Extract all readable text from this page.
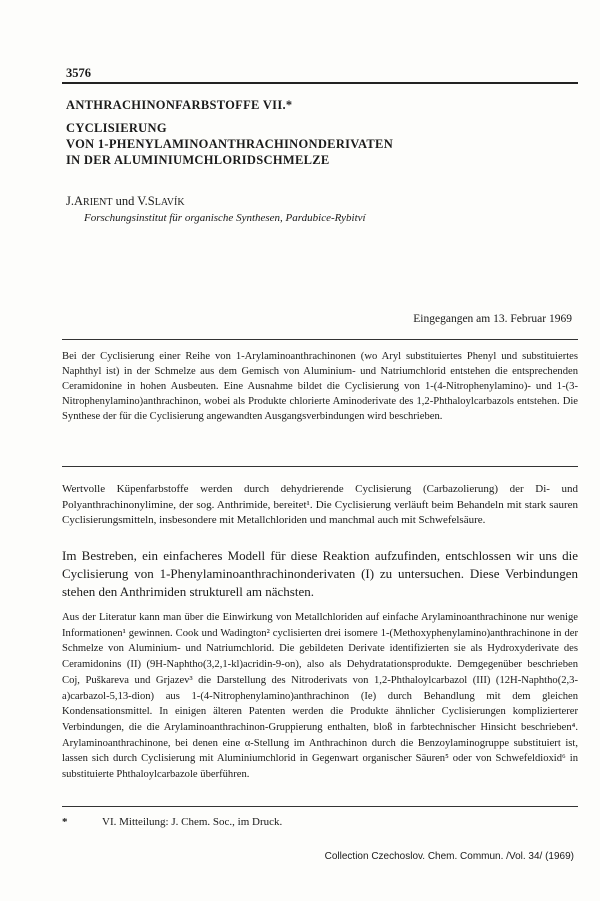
3576
ANTHRACHINONFARBSTOFFE VII.*
CYCLISIERUNG
VON 1-PHENYLAMINOANTHRACHINONDERIVATEN
IN DER ALUMINIUMCHLORIDSCHMELZE
J.ARIENT und V.SLAVÍK
Forschungsinstitut für organische Synthesen, Pardubice-Rybitví
Eingegangen am 13. Februar 1969
Bei der Cyclisierung einer Reihe von 1-Arylaminoanthrachinonen (wo Aryl substituiertes Phenyl und substituiertes Naphthyl ist) in der Schmelze aus dem Gemisch von Aluminium- und Natriumchlorid entstehen die entsprechenden Ceramidonine in hohen Ausbeuten. Eine Ausnahme bildet die Cyclisierung von 1-(4-Nitrophenylamino)- und 1-(3-Nitrophenylamino)anthrachinon, wobei als Produkte chlorierte Aminoderivate des 1,2-Phthaloylcarbazols entstehen. Die Synthese der für die Cyclisierung angewandten Ausgangsverbindungen wird beschrieben.
Wertvolle Küpenfarbstoffe werden durch dehydrierende Cyclisierung (Carbazolierung) der Di- und Polyanthrachinonylimine, der sog. Anthrimide, bereitet¹. Die Cyclisierung verläuft beim Behandeln mit stark sauren Cyclisierungsmitteln, insbesondere mit Metallchloriden und manchmal auch mit Schwefelsäure.
Im Bestreben, ein einfacheres Modell für diese Reaktion aufzufinden, entschlossen wir uns die Cyclisierung von 1-Phenylaminoanthrachinonderivaten (I) zu untersuchen. Diese Verbindungen stehen den Anthrimiden strukturell am nächsten.
Aus der Literatur kann man über die Einwirkung von Metallchloriden auf einfache Arylaminoanthrachinone nur wenige Informationen¹ gewinnen. Cook und Wadington² cyclisierten drei isomere 1-(Methoxyphenylamino)anthrachinone in der Schmelze von Aluminium- und Natriumchlorid. Die gebildeten Derivate identifizierten sie als Hydroxyderivate des Ceramidonins (II) (9H-Naphtho(3,2,1-kl)acridin-9-on), also als Dehydratationsprodukte. Demgegenüber beschrieben Coj, Puškareva und Grjazev³ die Darstellung des Nitroderivats von 1,2-Phthaloylcarbazol (III) (12H-Naphtho(2,3-a)carbazol-5,13-dion) aus 1-(4-Nitrophenylamino)anthrachinon (Ie) durch Behandlung mit dem gleichen Kondensationsmittel. In einigen älteren Patenten werden die Produkte ähnlicher Cyclisierungen komplizierterer Verbindungen, die die Arylaminoanthrachinon-Gruppierung enthalten, bloß in farbtechnischer Hinsicht beschrieben⁴. Arylaminoanthrachinone, bei denen eine α-Stellung im Anthrachinon durch die Benzoylaminogruppe substituiert ist, lassen sich durch Cyclisierung mit Aluminiumchlorid in Gegenwart organischer Säuren⁵ oder von Schwefeldioxid⁶ in substituierte Phthaloylcarbazole überführen.
*	VI. Mitteilung: J. Chem. Soc., im Druck.
Collection Czechoslov. Chem. Commun. /Vol. 34/ (1969)
